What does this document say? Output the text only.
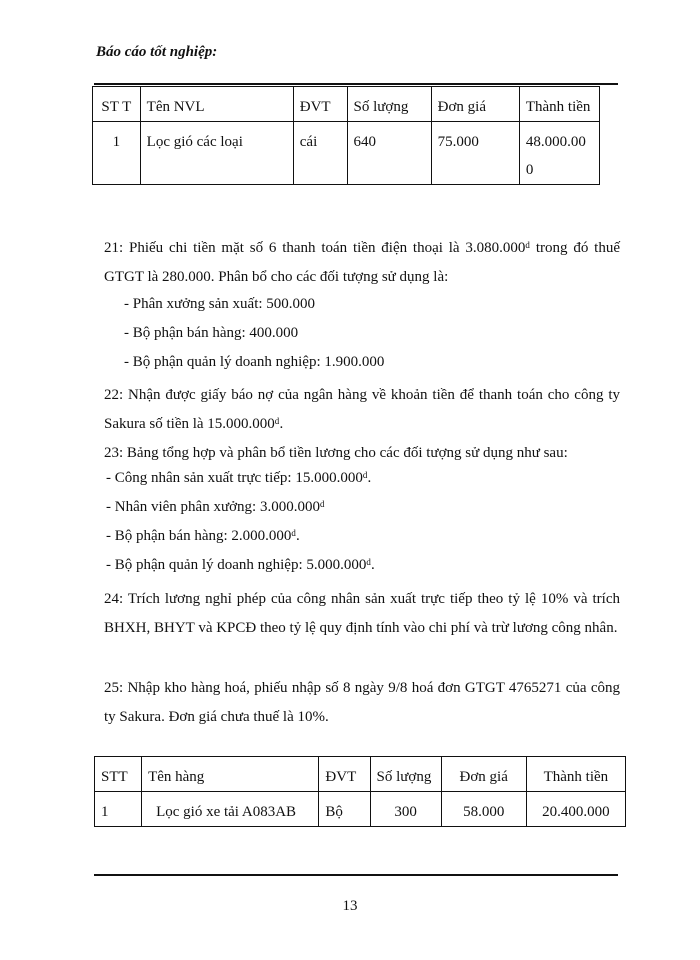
Báo cáo tốt nghiệp:
ST T	Tên NVL	ĐVT	Số lượng	Đơn giá	Thành tiền
1	Lọc gió các loại	cái	640	75.000	48.000.000
21: Phiếu chi tiền mặt số 6 thanh toán tiền điện thoại là 3.080.000ᵈ trong đó thuế GTGT là 280.000. Phân bổ cho các đối tượng sử dụng là:
- Phân xưởng sản xuất: 500.000
- Bộ phận bán hàng: 400.000
- Bộ phận quản lý doanh nghiệp: 1.900.000
22: Nhận được giấy báo nợ của ngân hàng về khoản tiền để thanh toán cho công ty Sakura số tiền là 15.000.000ᵈ.
23: Bảng tổng hợp và phân bổ tiền lương cho các đối tượng sử dụng như sau:
- Công nhân sản xuất trực tiếp: 15.000.000ᵈ.
- Nhân viên phân xưởng: 3.000.000ᵈ
- Bộ phận bán hàng: 2.000.000ᵈ.
- Bộ phận quản lý doanh nghiệp: 5.000.000ᵈ.
24: Trích lương nghỉ phép của công nhân sản xuất trực tiếp theo tỷ lệ 10% và trích BHXH, BHYT và KPCĐ theo tỷ lệ quy định tính vào chi phí và trừ lương công nhân.
25: Nhập kho hàng hoá, phiếu nhập số 8 ngày 9/8 hoá đơn GTGT 4765271 của công ty Sakura. Đơn giá chưa thuế là 10%.
STT	Tên hàng	ĐVT	Số lượng	Đơn giá	Thành tiền
1	Lọc gió xe tải A083AB	Bộ	300	58.000	20.400.000
13
